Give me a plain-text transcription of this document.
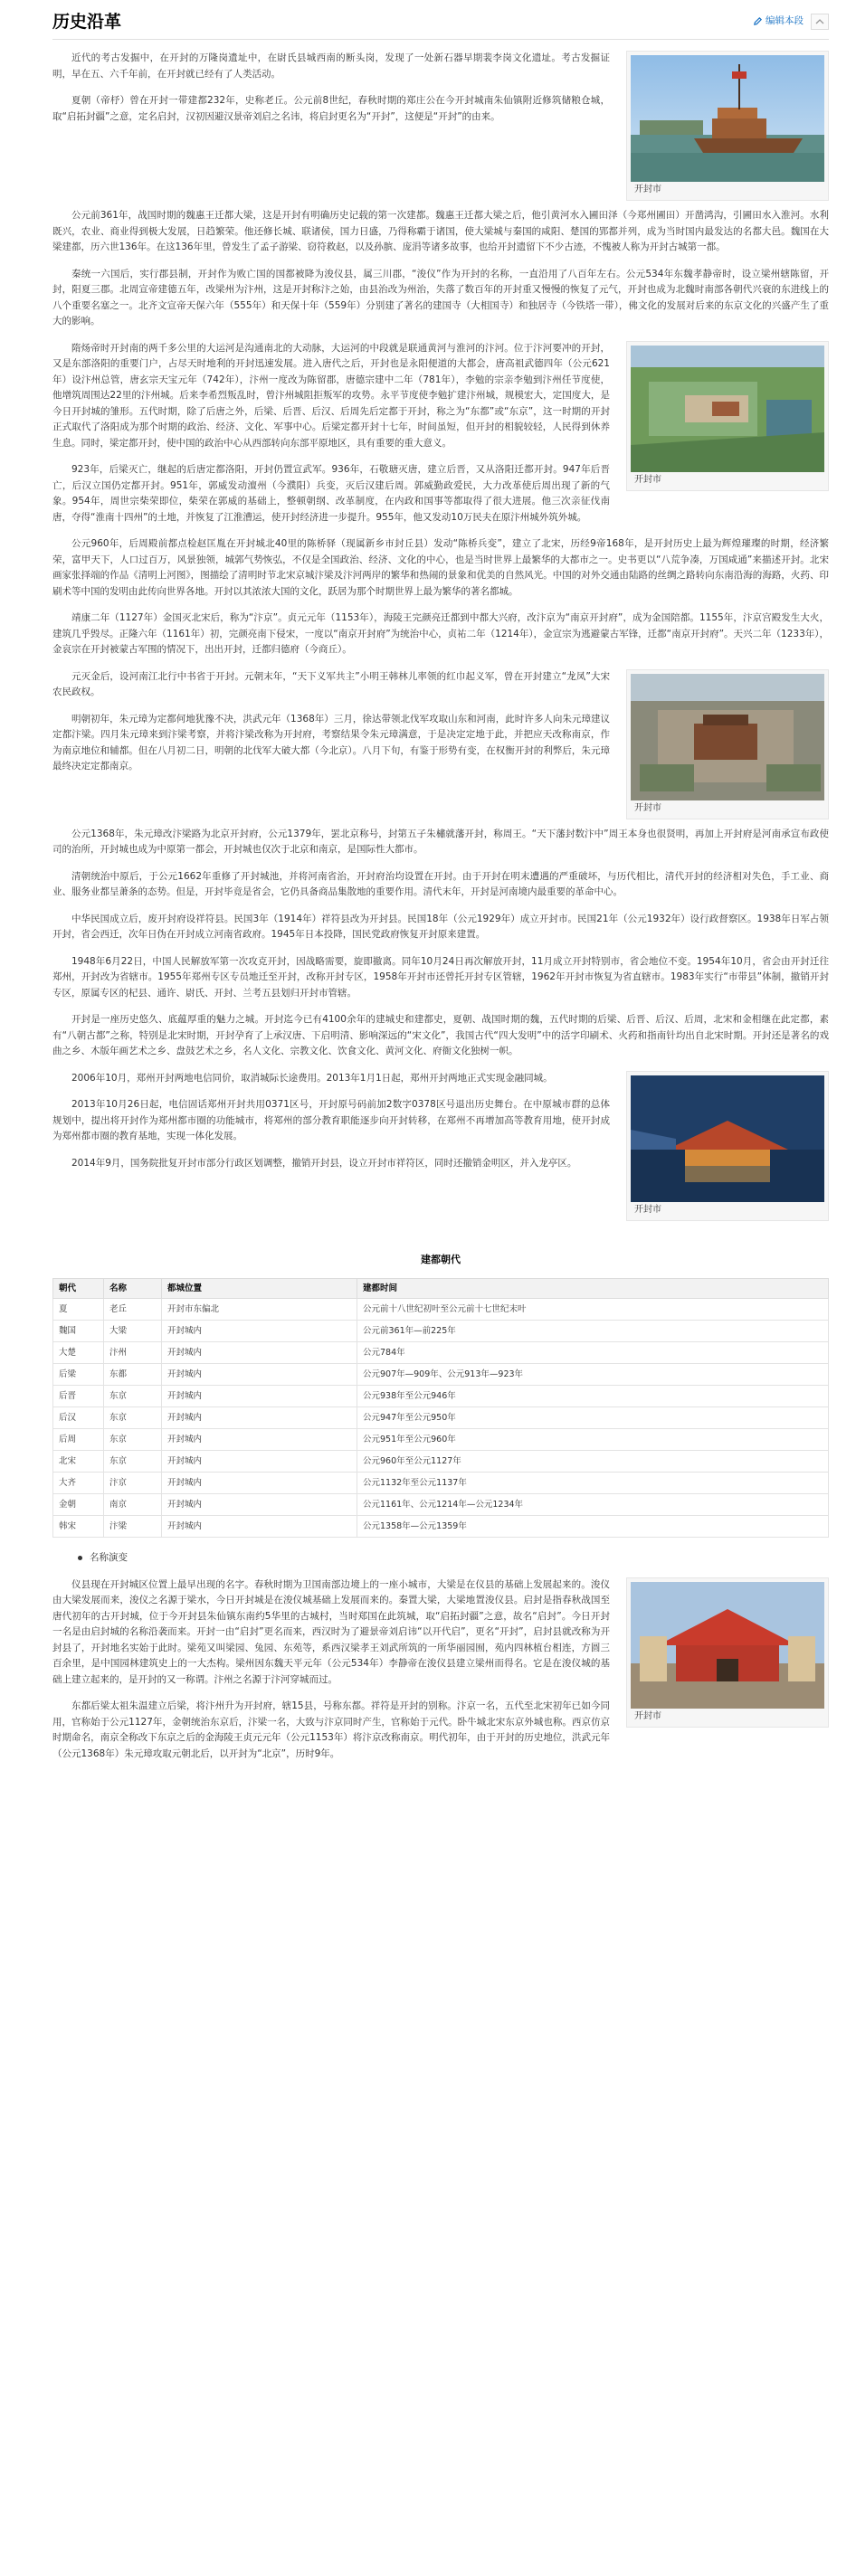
历史沿革	编辑本段
开封市

近代的考古发掘中，在开封的万隆岗遗址中，在尉氏县城西南的断头岗，发现了一处新石器早期裴李岗文化遗址。考古发掘证明，早在五、六千年前，在开封就已经有了人类活动。

夏朝（帝杼）曾在开封一带建都232年，史称老丘。公元前8世纪，春秋时期的郑庄公在今开封城南朱仙镇附近修筑储粮仓城，取“启拓封疆”之意，定名启封，汉初因避汉景帝刘启之名讳，将启封更名为“开封”，这便是“开封”的由来。

公元前361年，战国时期的魏惠王迁都大梁，这是开封有明确历史记载的第一次建都。魏惠王迁都大梁之后，他引黄河水入圃田泽（今郑州圃田）开凿鸿沟，引圃田水入淮河。水利既兴，农业、商业得到极大发展，日趋繁荣。他还修长城、联诸侯，国力日盛，乃得称霸于诸国，使大梁城与秦国的咸阳、楚国的郢都并列，成为当时国内最发达的名都大邑。魏国在大梁建都，历六世136年。在这136年里，曾发生了孟子游梁、窃符救赵，以及孙膑、庞涓等诸多故事，也给开封遗留下不少古迹，不愧被人称为开封古城第一都。

秦统一六国后，实行郡县制，开封作为败亡国的国都被降为浚仪县，属三川郡，“浚仪”作为开封的名称，一直沿用了八百年左右。公元534年东魏孝静帝时，设立梁州辖陈留，开封，阳夏三郡。北周宣帝建德五年，改梁州为汴州，这是开封称汴之始，由县治改为州治，失落了数百年的开封重又慢慢的恢复了元气，开封也成为北魏时南部各朝代兴衰的东进线上的八个重要名塞之一。北齐文宣帝天保六年（555年）和天保十年（559年）分别建了著名的建国寺（大相国寺）和独居寺（今铁塔一带），佛文化的发展对后来的东京文化的兴盛产生了重大的影响。

开封市

隋炀帝时开封南的两千多公里的大运河是沟通南北的大动脉，大运河的中段就是联通黄河与淮河的汴河。位于汴河要冲的开封，又是东部洛阳的重要门户，占尽天时地利的开封迅速发展。进入唐代之后，开封也是永阳便道的大都会，唐高祖武德四年（公元621年）设汴州总管，唐玄宗天宝元年（742年），汴州一度改为陈留郡，唐德宗建中二年（781年），李勉的宗亲李勉到汴州任节度使，他增筑周围达22里的汴州城。后来李希烈叛乱时，曾汴州城阻拒叛军的攻势。永平节度使李勉扩建汴州城，规模宏大，定国度大，是今日开封城的雏形。五代时期，除了后唐之外，后梁、后晋、后汉、后周先后定都于开封，称之为“东都”或“东京”，这一时期的开封正式取代了洛阳成为那个时期的政治、经济、文化、军事中心。后梁定都开封十七年，时间虽短，但开封的相貌较轻，人民得到休养生息。同时，梁定都开封，使中国的政治中心从西部转向东部平原地区，具有重要的重大意义。

923年，后梁灭亡，继起的后唐定都洛阳，开封仍置宣武军。936年，石敬瑭灭唐，建立后晋，又从洛阳迁都开封。947年后晋亡，后汉立国仍定都开封。951年，郭威发动澶州（今濮阳）兵变，灭后汉建后周。郭威勤政爱民，大力改革使后周出现了新的气象。954年，周世宗柴荣即位，柴荣在郭威的基础上，整顿朝纲、改革制度，在内政和国事等都取得了很大进展。他三次亲征伐南唐，夺得“淮南十四州”的土地，并恢复了江淮漕运，使开封经济进一步提升。955年，他又发动10万民夫在原汴州城外筑外城。

公元960年，后周殿前都点检赵匡胤在开封城北40里的陈桥驿（现属新乡市封丘县）发动“陈桥兵变”，建立了北宋，历经9帝168年，是开封历史上最为辉煌璀璨的时期，经济繁荣，富甲天下，人口过百万，风景独领，城郭气势恢弘，不仅是全国政治、经济、文化的中心，也是当时世界上最繁华的大都市之一。史书更以“八荒争凑，万国咸通”来描述开封。北宋画家张择端的作品《清明上河图》，图描绘了清明时节北宋京城汴梁及汴河两岸的繁华和热闹的景象和优美的自然风光。中国的对外交通由陆路的丝绸之路转向东南沿海的海路，火药、印刷术等中国的发明由此传向世界各地。开封以其浓浓大国的文化，跃居为那个时期世界上最为繁华的著名都城。

靖康二年（1127年）金国灭北宋后，称为“汴京”。贞元元年（1153年），海陵王完颜亮迁都到中都大兴府，改汴京为“南京开封府”，成为金国陪都。1155年，汴京宫殿发生大火，建筑几乎毁尽。正隆六年（1161年）初，完颜亮南下侵宋，一度以“南京开封府”为统治中心，贞祐二年（1214年），金宣宗为逃避蒙古军锋，迁都“南京开封府”。天兴二年（1233年），金哀宗在开封被蒙古军围的情况下，出出开封，迁都归德府（今商丘）。

开封市

元灭金后，设河南江北行中书省于开封。元朝末年，“天下义军共主”小明王韩林儿率领的红巾起义军，曾在开封建立“龙凤”大宋农民政权。

明朝初年，朱元璋为定都何地犹豫不决，洪武元年（1368年）三月，徐达带领北伐军攻取山东和河南，此时许多人向朱元璋建议定都汴梁。四月朱元璋来到汴梁考察，并将汴梁改称为开封府，考察结果令朱元璋满意，于是决定定地于此，并把应天改称南京，作为南京地位和辅都。但在八月初二日，明朝的北伐军大破大都（今北京）。八月下旬，有鉴于形势有变，在权衡开封的利弊后，朱元璋最终决定定都南京。

公元1368年，朱元璋改汴梁路为北京开封府，公元1379年，罢北京称号，封第五子朱橚就藩开封，称周王。“天下藩封数汴中”周王本身也很贤明，再加上开封府是河南承宣布政使司的治所，开封城也成为中原第一都会，开封城也仅次于北京和南京，是国际性大都市。

清朝统治中原后，于公元1662年重修了开封城池，并将河南省治，开封府治均设置在开封。由于开封在明末遭遇的严重破坏，与历代相比，清代开封的经济相对失色，手工业、商业、服务业都呈萧条的态势。但是，开封毕竟是省会，它仍具备商品集散地的重要作用。清代末年，开封是河南境内最重要的革命中心。

中华民国成立后，废开封府设祥符县。民国3年（1914年）祥符县改为开封县。民国18年（公元1929年）成立开封市。民国21年（公元1932年）设行政督察区。1938年日军占领开封，省会西迁，次年日伪在开封成立河南省政府。1945年日本投降，国民党政府恢复开封原来建置。

1948年6月22日，中国人民解放军第一次攻克开封，因战略需要，旋即撤离。同年10月24日再次解放开封，11月成立开封特别市，省会地位不变。1954年10月，省会由开封迁往郑州，开封改为省辖市。1955年郑州专区专员地迁至开封，改称开封专区，1958年开封市还曾托开封专区管辖，1962年开封市恢复为省直辖市。1983年实行“市带县”体制，撤销开封专区，原属专区的杞县、通许、尉氏、开封、兰考五县划归开封市管辖。

开封是一座历史悠久、底蕴厚重的魅力之城。开封迄今已有4100余年的建城史和建都史，夏朝、战国时期的魏，五代时期的后梁、后晋、后汉、后周，北宋和金相继在此定都，素有“八朝古都”之称，特别是北宋时期，开封孕育了上承汉唐、下启明清、影响深远的“宋文化”，我国古代“四大发明”中的活字印刷术、火药和指南针均出自北宋时期。开封还是著名的戏曲之乡、木版年画艺术之乡、盘鼓艺术之乡，名人文化、宗教文化、饮食文化、黄河文化、府衙文化独树一帜。

开封市

2006年10月，郑州开封两地电信同价，取消城际长途费用。2013年1月1日起，郑州开封两地正式实现金融同城。

2013年10月26日起，电信固话郑州开封共用0371区号，开封原号码前加2数字0378区号退出历史舞台。在中原城市群的总体规划中，提出将开封作为郑州都市圈的功能城市，将郑州的部分教育职能逐步向开封转移，在郑州不再增加高等教育用地，使开封成为郑州都市圈的教育基地，实现一体化发展。

2014年9月，国务院批复开封市部分行政区划调整，撤销开封县，设立开封市祥符区，同时还撤销金明区，并入龙亭区。

建都朝代
朝代	名称	都城位置	建都时间
夏	老丘	开封市东偏北	公元前十八世纪初叶至公元前十七世纪末叶
魏国	大梁	开封城内	公元前361年—前225年
大楚	汴州	开封城内	公元784年
后梁	东都	开封城内	公元907年—909年、公元913年—923年
后晋	东京	开封城内	公元938年至公元946年
后汉	东京	开封城内	公元947年至公元950年
后周	东京	开封城内	公元951年至公元960年
北宋	东京	开封城内	公元960年至公元1127年
大齐	汴京	开封城内	公元1132年至公元1137年
金朝	南京	开封城内	公元1161年、公元1214年—公元1234年
韩宋	汴梁	开封城内	公元1358年—公元1359年
名称演变
开封市

仪县现在开封城区位置上最早出现的名字。春秋时期为卫国南部边境上的一座小城市，大梁是在仪县的基础上发展起来的。浚仪由大梁发展而来，浚仪之名源于梁水，今日开封城是在浚仪城基础上发展而来的。秦置大梁，大梁地置浚仪县。启封是指春秋战国至唐代初年的古开封城，位于今开封县朱仙镇东南约5华里的古城村，当时郑国在此筑城，取“启拓封疆”之意，故名“启封”。今日开封一名是由启封城的名称沿袭而来。开封一由“启封”更名而来，西汉时为了避景帝刘启讳“以开代启”，更名“开封”，启封县就改称为开封县了，开封地名实始于此时。梁苑又叫梁园、兔园、东苑等，系西汉梁孝王刘武所筑的一所华丽园囿，苑内四林植台相连，方圆三百余里，是中国园林建筑史上的一大杰构。梁州因东魏天平元年（公元534年）李静帝在浚仪县建立梁州而得名。它是在浚仪城的基础上建立起来的，是开封的又一称谓。汴州之名源于汴河穿城而过。

东都后梁太祖朱温建立后梁，将汴州升为开封府，辖15县，号称东都。祥符是开封的别称。汴京一名，五代至北宋初年已如今同用，官称始于公元1127年，金朝统治东京后，汴梁一名，大致与汴京同时产生，官称始于元代。卧牛城北宋东京外城也称。西京仿京时期命名，南京全称改下东京之后的金海陵王贞元元年（公元1153年）将汴京改称南京。明代初年，由于开封的历史地位，洪武元年（公元1368年）朱元璋攻取元朝北后，以开封为“北京”，历时9年。
